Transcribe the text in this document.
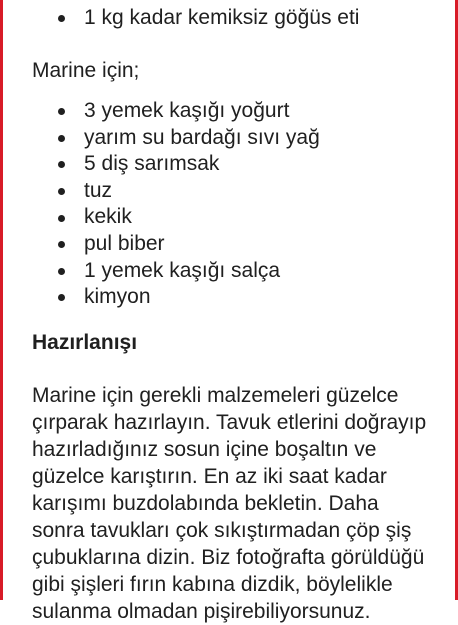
1 kg kadar kemiksiz göğüs eti
Marine için;
3 yemek kaşığı yoğurt
yarım su bardağı sıvı yağ
5 diş sarımsak
tuz
kekik
pul biber
1 yemek kaşığı salça
kimyon
Hazırlanışı

Marine için gerekli malzemeleri güzelce çırparak hazırlayın. Tavuk etlerini doğrayıp hazırladığınız sosun içine boşaltın ve güzelce karıştırın. En az iki saat kadar karışımı buzdolabında bekletin. Daha sonra tavukları çok sıkıştırmadan çöp şiş çubuklarına dizin. Biz fotoğrafta görüldüğü gibi şişleri fırın kabına dizdik, böylelikle sulanma olmadan pişirebiliyorsunuz.
